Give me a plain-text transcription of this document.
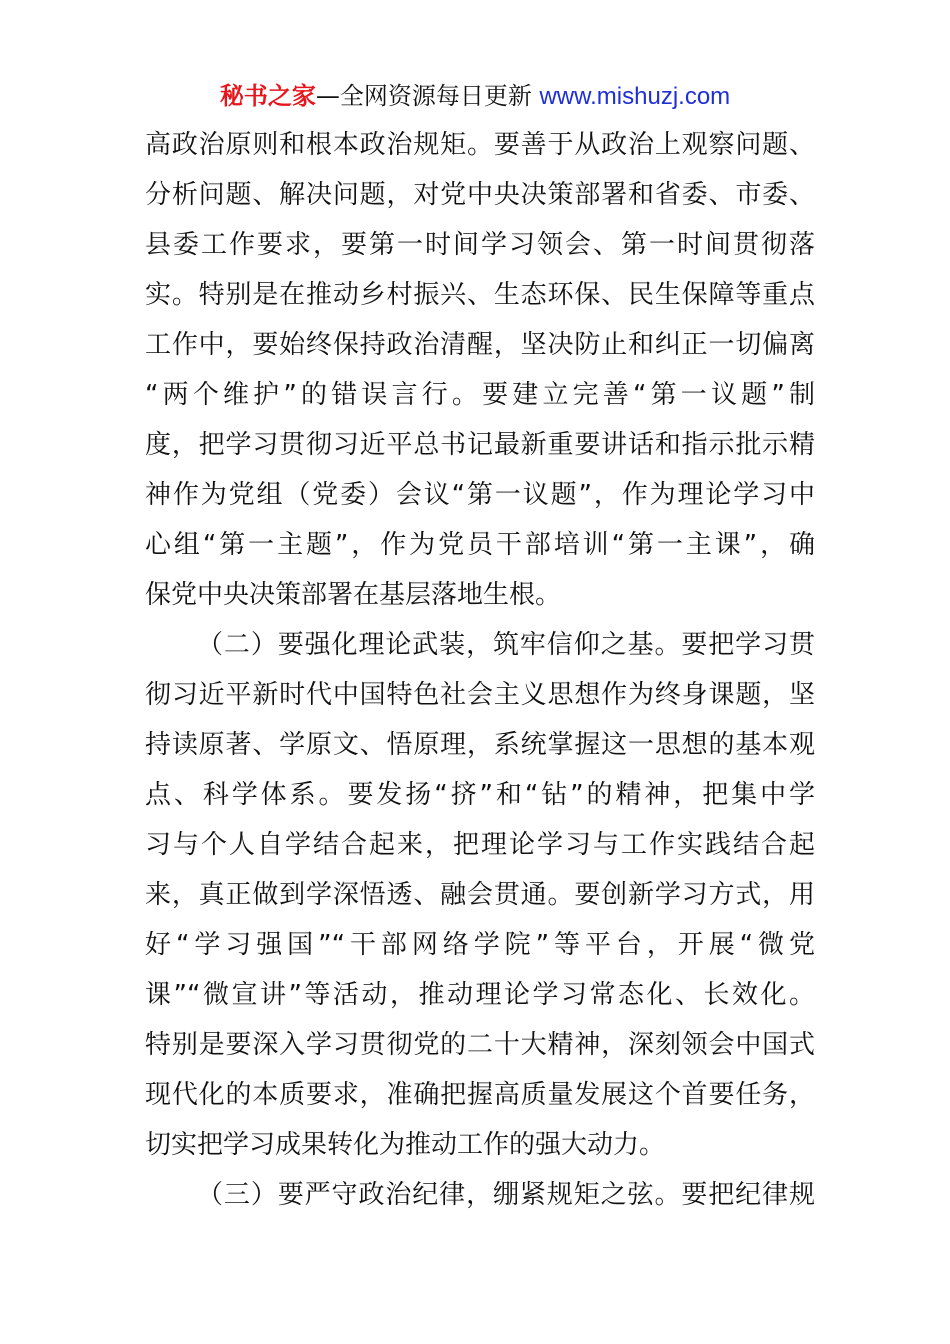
秘书之家—全网资源每日更新 www.mishuzj.com
高政治原则和根本政治规矩。要善于从政治上观察问题、
分析问题、解决问题，对党中央决策部署和省委、市委、
县委工作要求，要第一时间学习领会、第一时间贯彻落
实。特别是在推动乡村振兴、生态环保、民生保障等重点
工作中，要始终保持政治清醒，坚决防止和纠正一切偏离
“两个维护”的错误言行。要建立完善“第一议题”制
度，把学习贯彻习近平总书记最新重要讲话和指示批示精
神作为党组（党委）会议“第一议题”，作为理论学习中
心组“第一主题”，作为党员干部培训“第一主课”，确
保党中央决策部署在基层落地生根。
（二）要强化理论武装，筑牢信仰之基。要把学习贯
彻习近平新时代中国特色社会主义思想作为终身课题，坚
持读原著、学原文、悟原理，系统掌握这一思想的基本观
点、科学体系。要发扬“挤”和“钻”的精神，把集中学
习与个人自学结合起来，把理论学习与工作实践结合起
来，真正做到学深悟透、融会贯通。要创新学习方式，用
好“学习强国”“干部网络学院”等平台，开展“微党
课”“微宣讲”等活动，推动理论学习常态化、长效化。
特别是要深入学习贯彻党的二十大精神，深刻领会中国式
现代化的本质要求，准确把握高质量发展这个首要任务，
切实把学习成果转化为推动工作的强大动力。
（三）要严守政治纪律，绷紧规矩之弦。要把纪律规
